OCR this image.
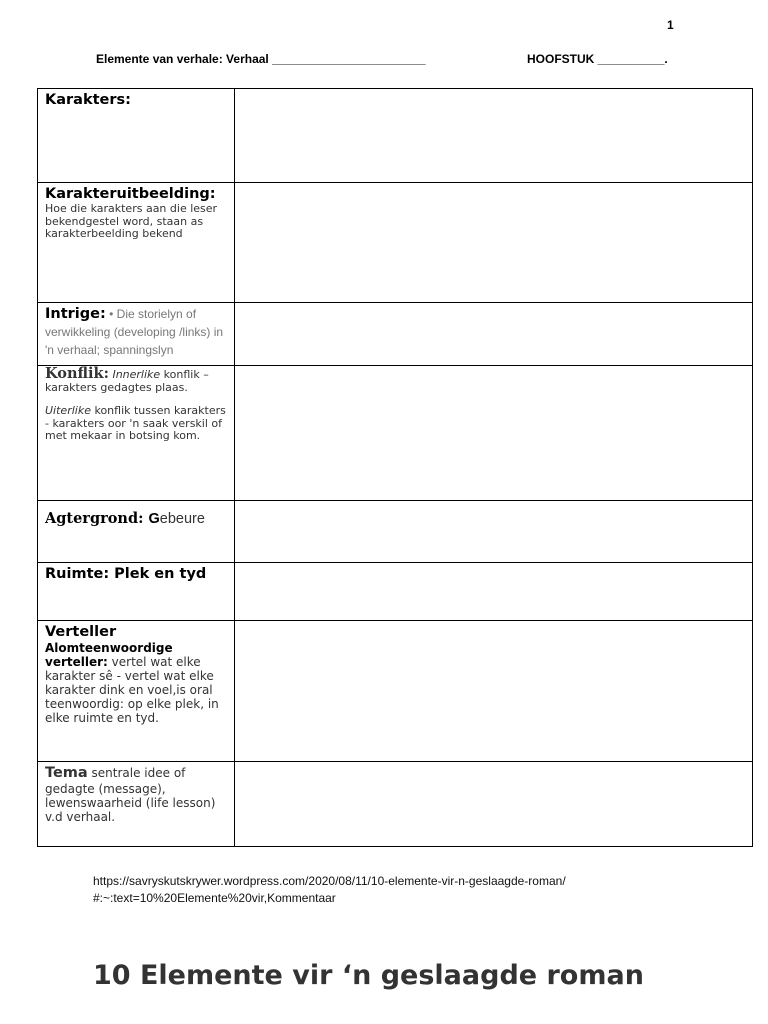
1
Elemente van verhale: Verhaal _______________________	HOOFSTUK __________.
Karakters:	

Karakteruitbeelding:
Hoe die karakters aan die leser bekendgestel word, staan as karakterbeelding bekend	

Intrige: • Die storielyn of verwikkeling (developing /links) in 'n verhaal; spanningslyn	

Konflik: Innerlike konflik – karakters gedagtes plaas.
Uiterlike konflik tussen karakters - karakters oor 'n saak verskil of met mekaar in botsing kom.	

Agtergrond: Gebeure	

Ruimte: Plek en tyd	

Verteller
Alomteenwoordige verteller: vertel wat elke karakter sê - vertel wat elke karakter dink en voel,is oral teenwoordig: op elke plek, in elke ruimte en tyd.	

Tema sentrale idee of gedagte (message), lewenswaarheid (life lesson) v.d verhaal.	

https://savryskutskrywer.wordpress.com/2020/08/11/10-elemente-vir-n-geslaagde-roman/
#:~:text=10%20Elemente%20vir,Kommentaar
10 Elemente vir ‘n geslaagde roman
